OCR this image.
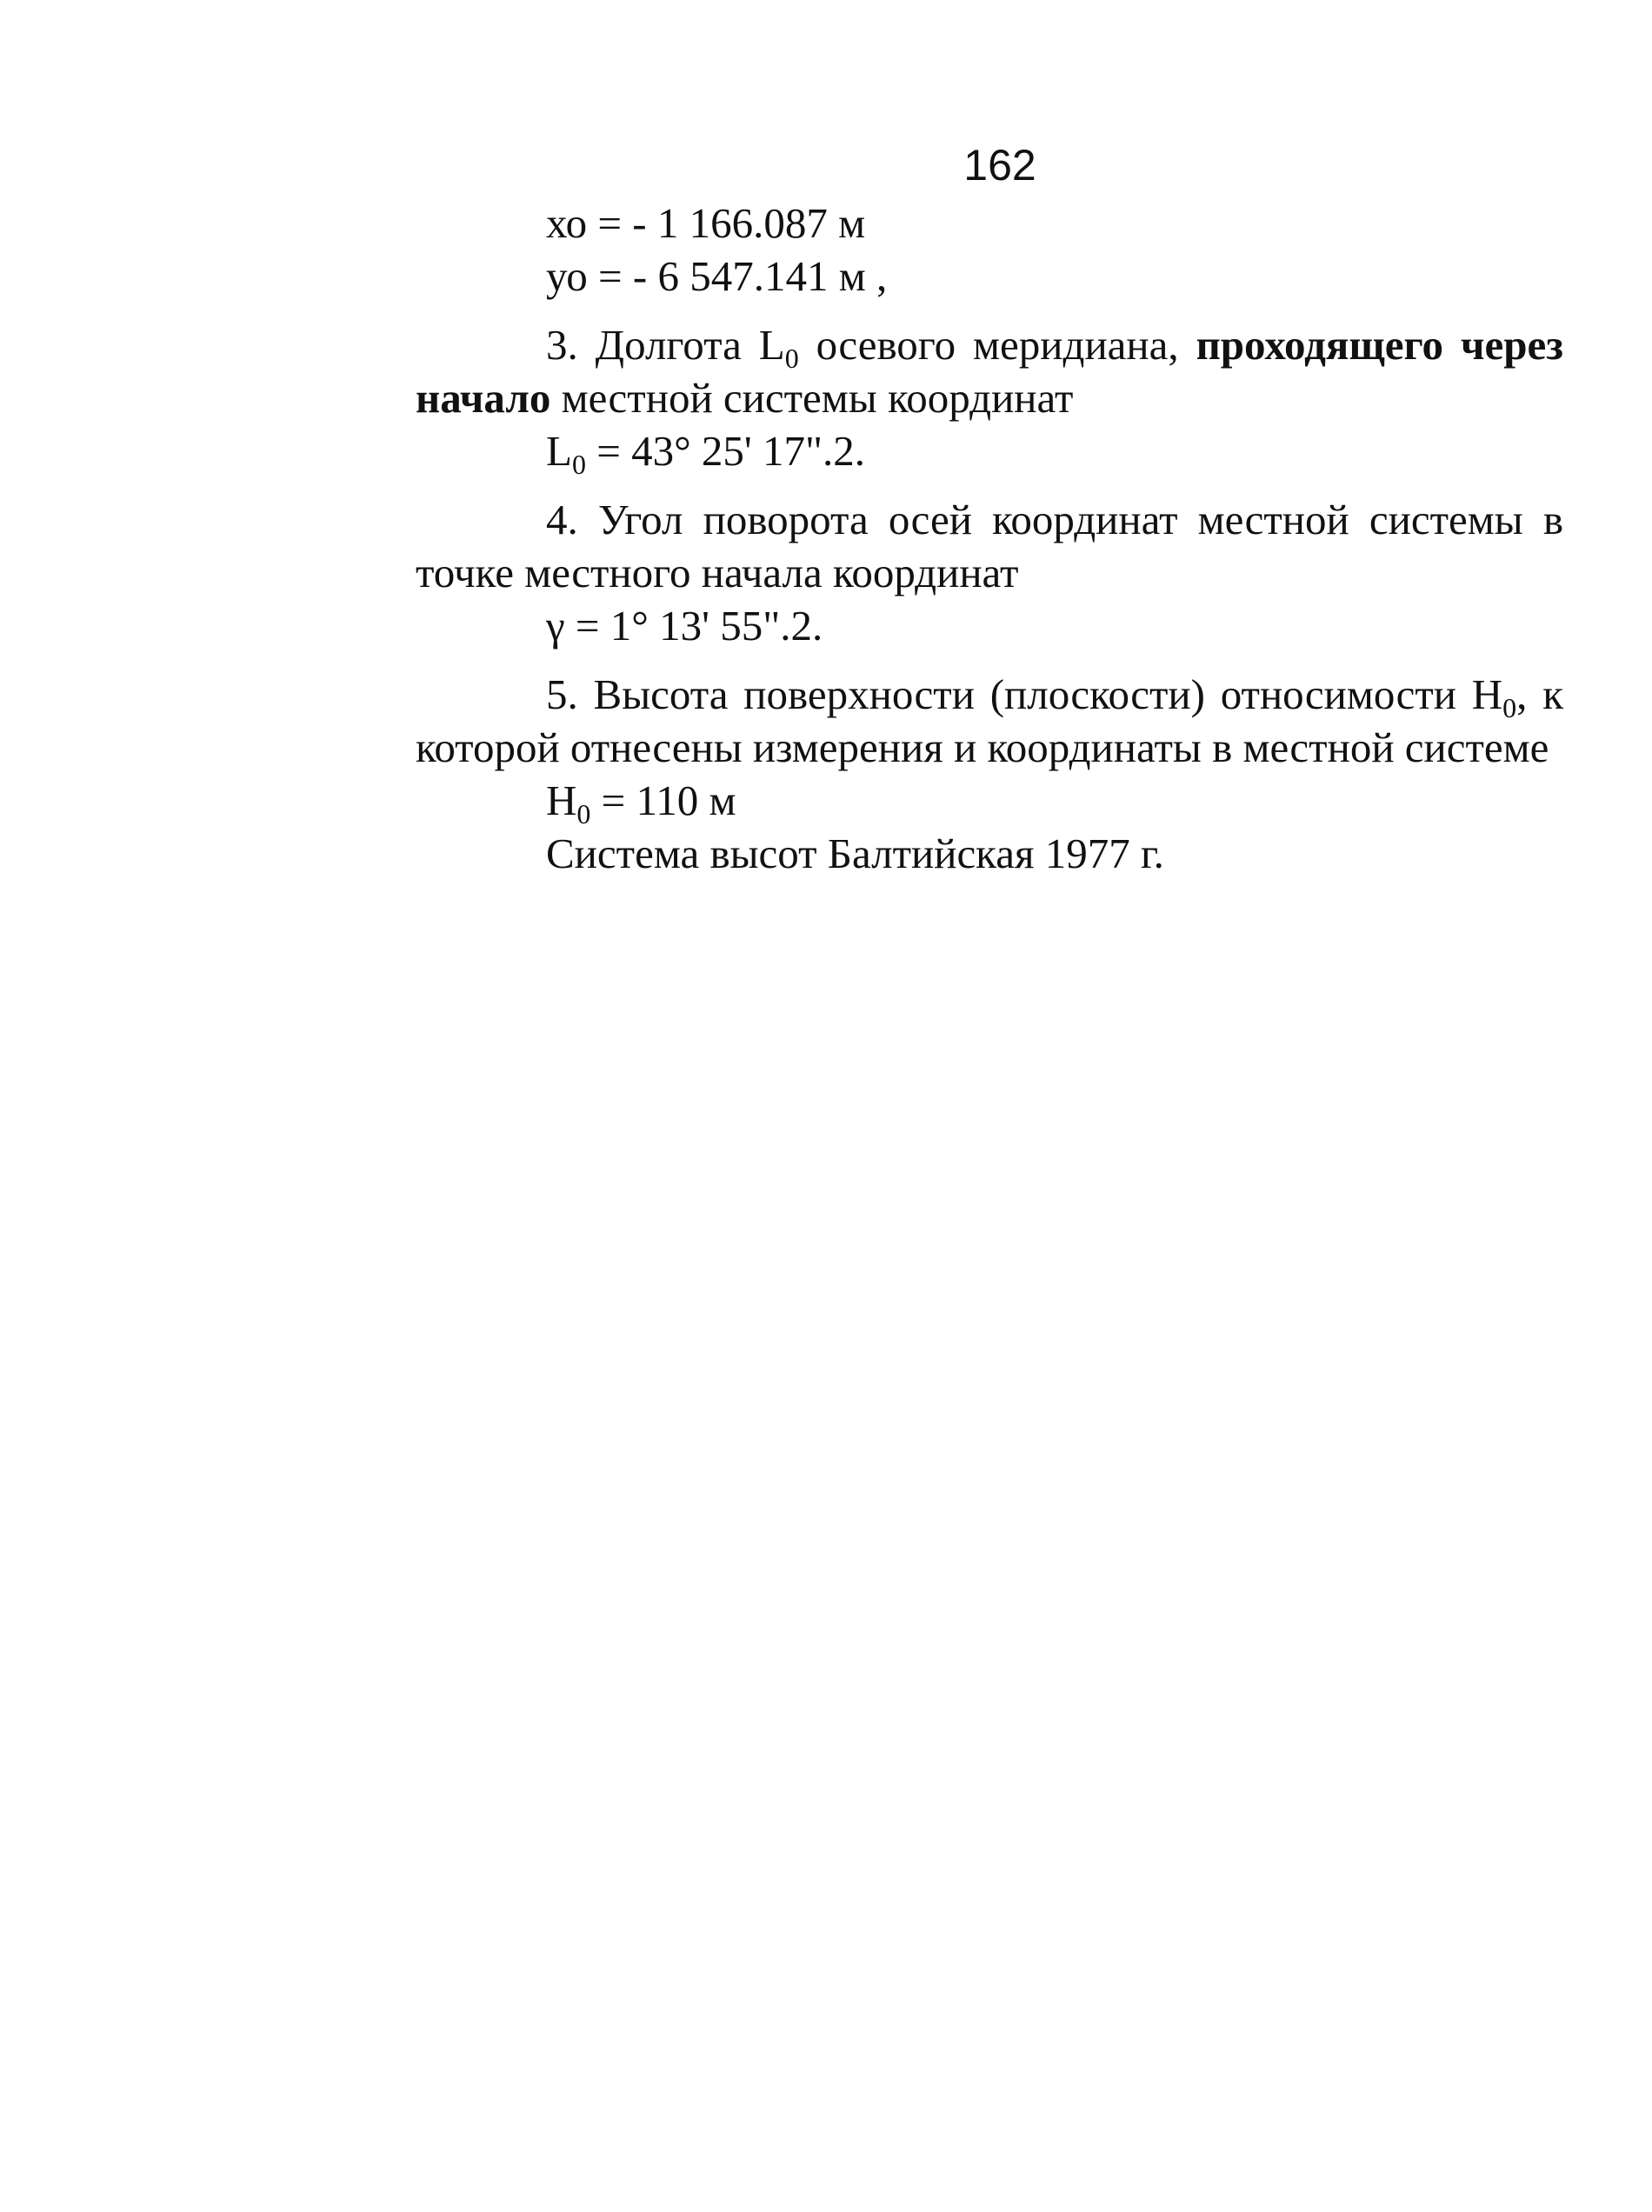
162
хо = - 1 166.087 м
уо = - 6 547.141 м ,
3. Долгота $L_0$ осевого меридиана, проходящего через начало местной системы координат
$L_0 = 43^\circ$ 25' 17".2.
4. Угол поворота осей координат местной системы в точке местного начала координат
γ = 1° 13' 55".2.
5. Высота поверхности (плоскости) относимости $H_0$, к которой отнесены измерения и координаты в местной системе
$H_0 = 110$ м
Система высот Балтийская 1977 г.
